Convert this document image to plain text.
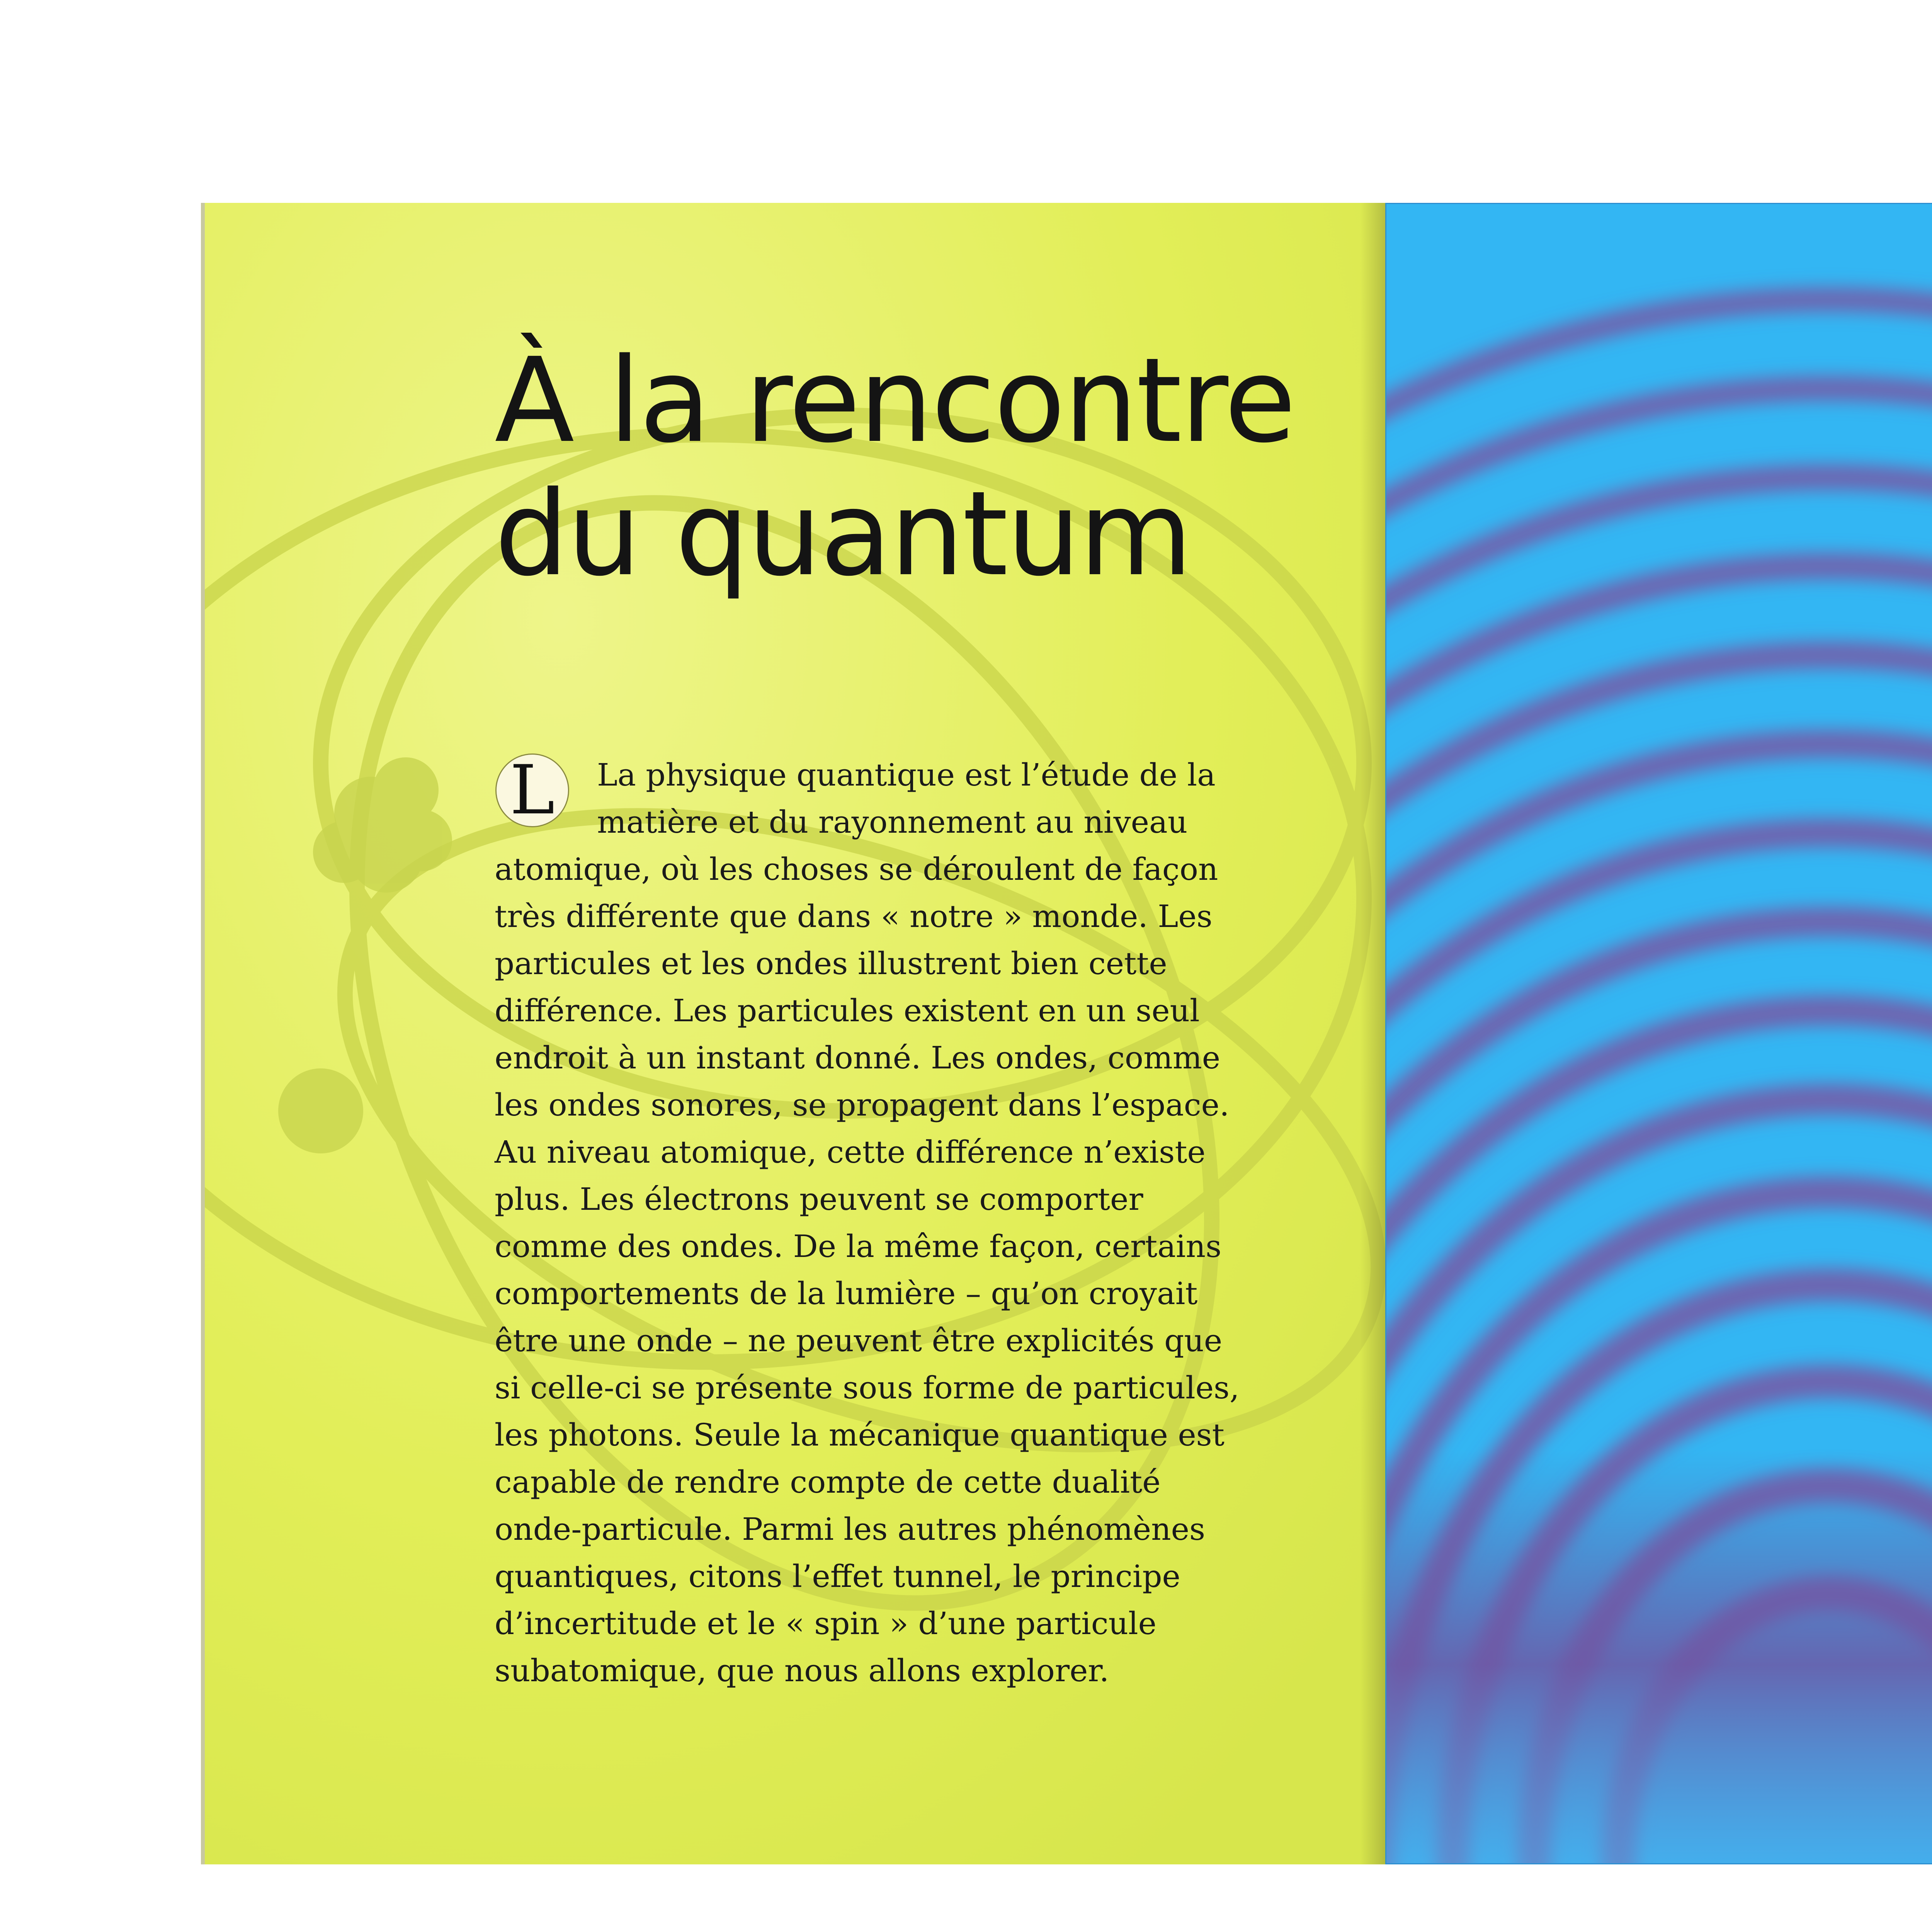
À la rencontre
du quantum
L	La physique quantique est l’étude de la
matière et du rayonnement au niveau
atomique, où les choses se déroulent de façon
très différente que dans « notre » monde. Les
particules et les ondes illustrent bien cette
différence. Les particules existent en un seul
endroit à un instant donné. Les ondes, comme
les ondes sonores, se propagent dans l’espace.
Au niveau atomique, cette différence n’existe
plus. Les électrons peuvent se comporter
comme des ondes. De la même façon, certains
comportements de la lumière – qu’on croyait
être une onde – ne peuvent être explicités que
si celle-ci se présente sous forme de particules,
les photons. Seule la mécanique quantique est
capable de rendre compte de cette dualité
onde-particule. Parmi les autres phénomènes
quantiques, citons l’effet tunnel, le principe
d’incertitude et le « spin » d’une particule
subatomique, que nous allons explorer.
